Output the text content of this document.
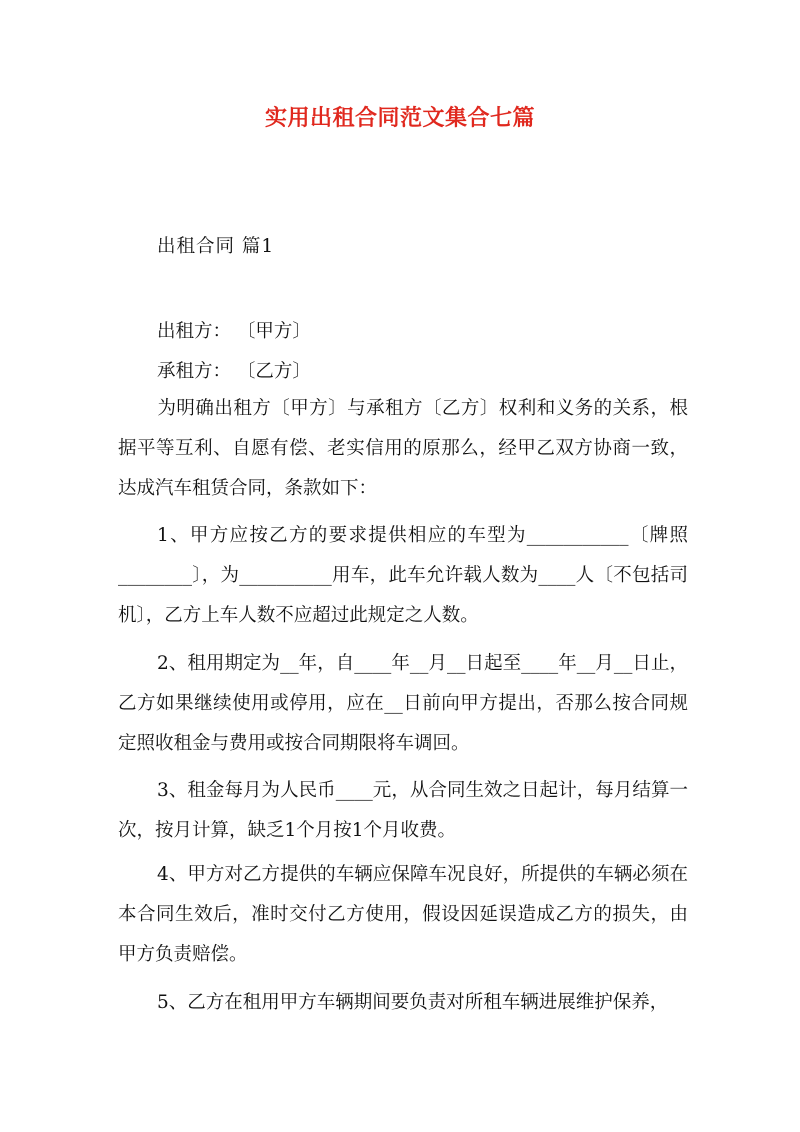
实用出租合同范文集合七篇
出租合同 篇1
出租方： 〔甲方〕
承租方： 〔乙方〕
为明确出租方〔甲方〕与承租方〔乙方〕权利和义务的关系，根据平等互利、自愿有偿、老实信用的原那么，经甲乙双方协商一致，达成汽车租赁合同，条款如下：
1、甲方应按乙方的要求提供相应的车型为___________〔牌照________〕，为__________用车，此车允许载人数为____人〔不包括司机〕，乙方上车人数不应超过此规定之人数。
2、租用期定为__年，自____年__月__日起至____年__月__日止，乙方如果继续使用或停用，应在__日前向甲方提出，否那么按合同规定照收租金与费用或按合同期限将车调回。
3、租金每月为人民币____元，从合同生效之日起计，每月结算一次，按月计算，缺乏1个月按1个月收费。
4、甲方对乙方提供的车辆应保障车况良好，所提供的车辆必须在本合同生效后，准时交付乙方使用，假设因延误造成乙方的损失，由甲方负责赔偿。
5、乙方在租用甲方车辆期间要负责对所租车辆进展维护保养，
